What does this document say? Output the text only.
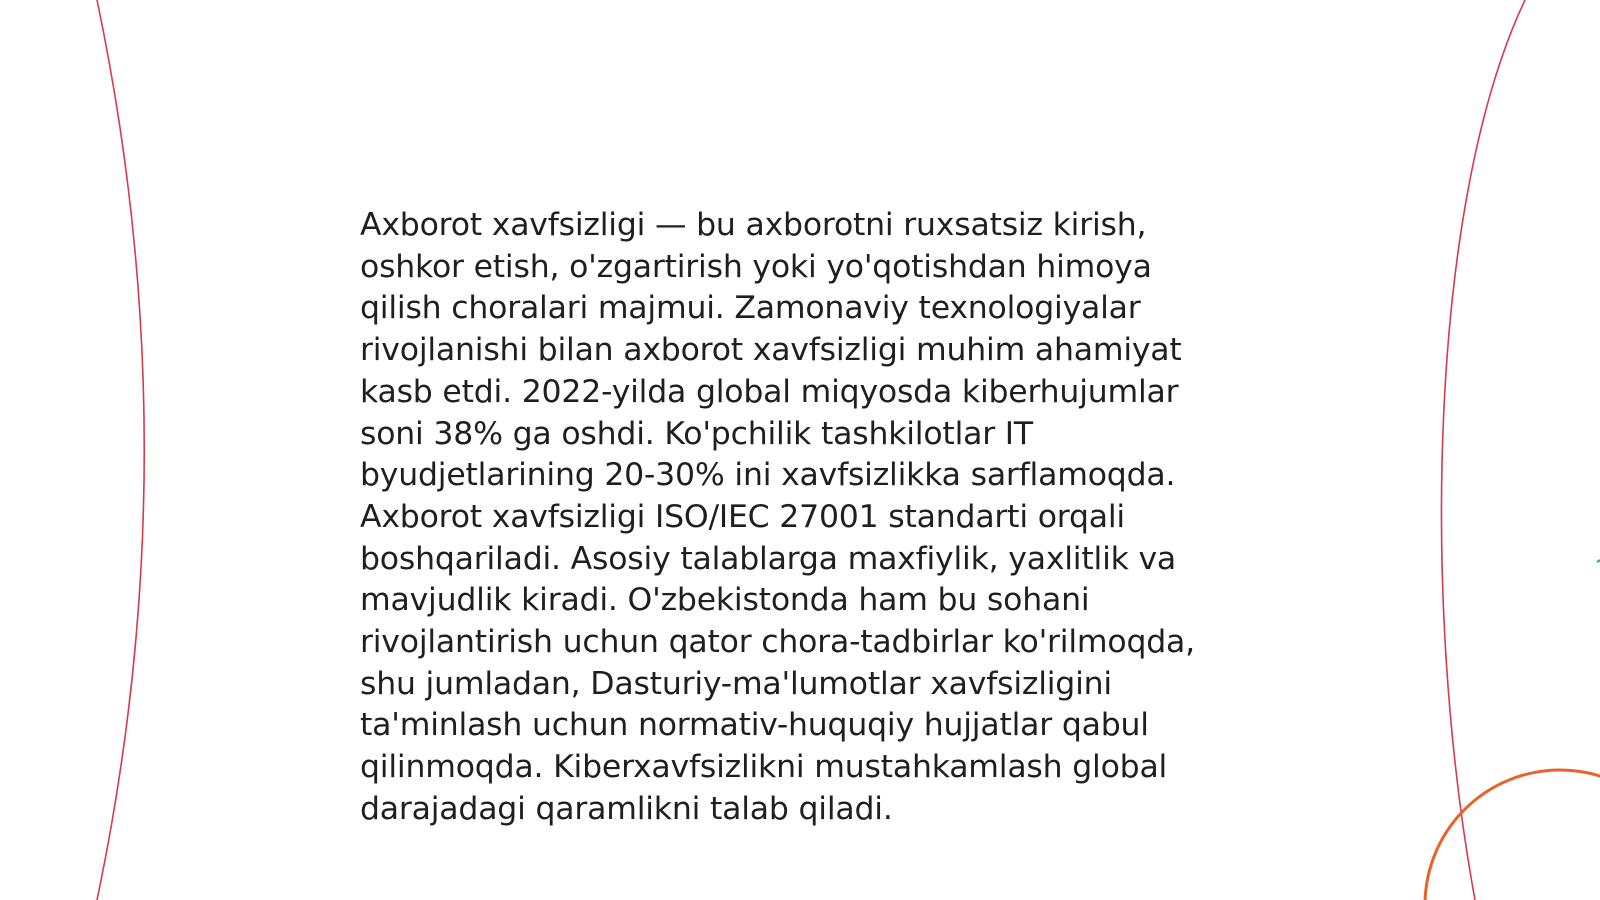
Axborot xavfsizligi — bu axborotni ruxsatsiz kirish,
oshkor etish, o'zgartirish yoki yo'qotishdan himoya
qilish choralari majmui. Zamonaviy texnologiyalar
rivojlanishi bilan axborot xavfsizligi muhim ahamiyat
kasb etdi. 2022-yilda global miqyosda kiberhujumlar
soni 38% ga oshdi. Ko'pchilik tashkilotlar IT
byudjetlarining 20-30% ini xavfsizlikka sarflamoqda.
Axborot xavfsizligi ISO/IEC 27001 standarti orqali
boshqariladi. Asosiy talablarga maxfiylik, yaxlitlik va
mavjudlik kiradi. O'zbekistonda ham bu sohani
rivojlantirish uchun qator chora-tadbirlar ko'rilmoqda,
shu jumladan, Dasturiy-ma'lumotlar xavfsizligini
ta'minlash uchun normativ-huquqiy hujjatlar qabul
qilinmoqda. Kiberxavfsizlikni mustahkamlash global
darajadagi qaramlikni talab qiladi.
